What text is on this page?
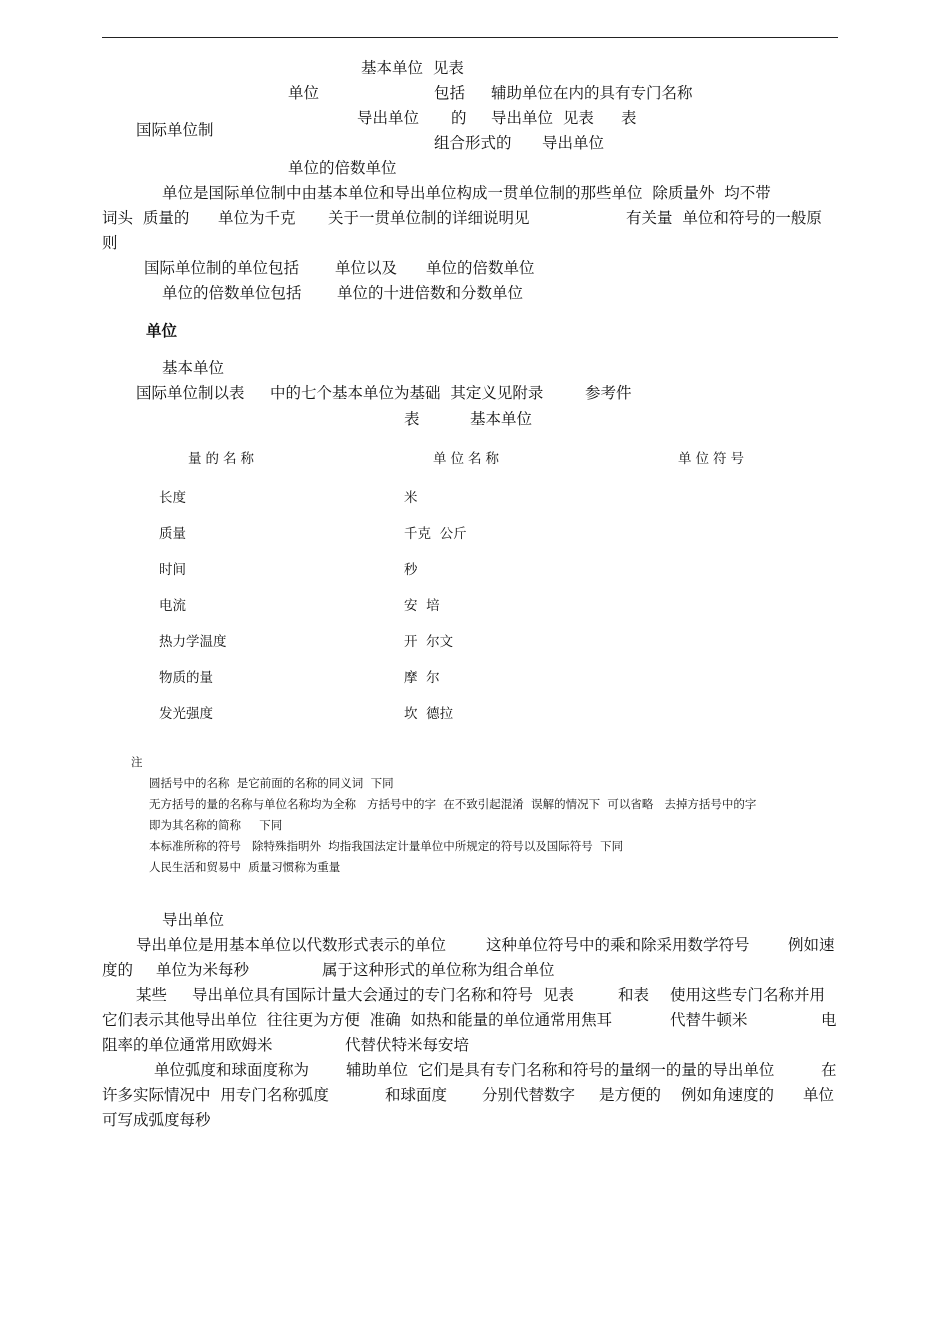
基本单位  见表
单位	包括 辅助单位在内的具有专门名称
国际单位制
导出单位 的 导出单位  见表 表
组合形式的 导出单位
单位的倍数单位
单位是国际单位制中由基本单位和导出单位构成一贯单位制的那些单位  除质量外  均不带
词头  质量的 单位为千克 关于一贯单位制的详细说明见	有关量  单位和符号的一般原
则
国际单位制的单位包括 单位以及 单位的倍数单位
单位的倍数单位包括 单位的十进倍数和分数单位
单位
基本单位
国际单位制以表 中的七个基本单位为基础  其定义见附录	参考件
表	基本单位
量的名称	单位名称	单位符号
长度	米
质量	千克  公斤
时间	秒
电流	安  培
热力学温度	开  尔文
物质的量	摩  尔
发光强度	坎  德拉
注
圆括号中的名称  是它前面的名称的同义词  下同
无方括号的量的名称与单位名称均为全称   方括号中的字  在不致引起混淆  误解的情况下  可以省略   去掉方括号中的字
即为其名称的简称     下同
本标准所称的符号   除特殊指明外  均指我国法定计量单位中所规定的符号以及国际符号  下同
人民生活和贸易中  质量习惯称为重量
导出单位
导出单位是用基本单位以代数形式表示的单位	这种单位符号中的乘和除采用数学符号 例如速
度的 单位为米每秒	属于这种形式的单位称为组合单位
某些 导出单位具有国际计量大会通过的专门名称和符号  见表	和表 使用这些专门名称并用
它们表示其他导出单位  往往更为方便  准确  如热和能量的单位通常用焦耳	代替牛顿米	电
阻率的单位通常用欧姆米	代替伏特米每安培
单位弧度和球面度称为 辅助单位  它们是具有专门名称和符号的量纲一的量的导出单位	在
许多实际情况中  用专门名称弧度	和球面度 分别代替数字 是方便的 例如角速度的 单位
可写成弧度每秒
